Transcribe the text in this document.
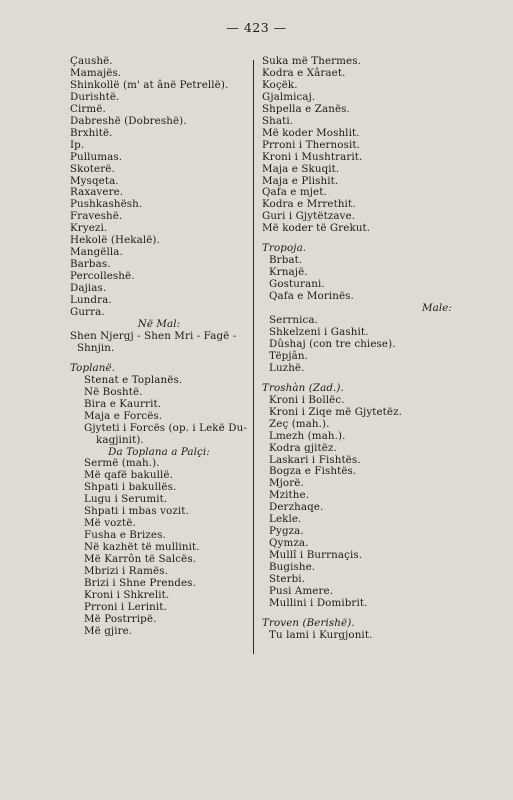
— 423 —
Çaushë.
Mamajës.
Shinkollë (m' at ânë Petrellë).
Durishtë.
Cirmë.
Dabreshë (Dobreshë).
Brxhitë.
Ip.
Pullumas.
Skoterë.
Mysqeta.
Raxavere.
Pushkashësh.
Fraveshë.
Kryezi.
Hekolë (Hekalë).
Mangëlla.
Barbas.
Percolleshë.
Dajias.
Lundra.
Gurra.
Në Mal:
Shen Njergj - Shen Mri - Fagë -
Shnjin.
Toplanë.
Stenat e Toplanës.
Në Boshtë.
Bira e Kaurrit.
Maja e Forcës.
Gjyteti i Forcës (op. i Lekë Du-
kagjinit).
Da Toplana a Palçi:
Sermë (mah.).
Më qafë bakullë.
Shpati i bakullës.
Lugu i Serumit.
Shpati i mbas vozit.
Më voztë.
Fusha e Brizes.
Në kazhët të mullinit.
Më Karrôn të Salcës.
Mbrizi i Ramës.
Brizi i Shne Prendes.
Kroni i Shkrelit.
Prroni i Lerinit.
Më Postrripë.
Më gjire.
Suka më Thermes.
Kodra e Xâraet.
Koçëk.
Gjalmicaj.
Shpella e Zanës.
Shati.
Më koder Moshlit.
Prroni i Thernosit.
Kroni i Mushtrarit.
Maja e Skuqit.
Maja e Plishit.
Qafa e mjet.
Kodra e Mrrethit.
Guri i Gjytëtzave.
Më koder të Grekut.
Tropoja.
Brbat.
Krnajë.
Gosturani.
Qafa e Morinës.
Male:
Serrnica.
Shkelzeni i Gashit.
Dûshaj (con tre chiese).
Tëpjân.
Luzhë.
Troshàn (Zad.).
Kroni i Bollëc.
Kroni i Ziqe më Gjytetëz.
Zeç (mah.).
Lmezh (mah.).
Kodra gjitëz.
Laskari i Fishtës.
Bogza e Fishtës.
Mjorë.
Mzithe.
Derzhaqe.
Lekle.
Pygza.
Qymza.
Mullî i Burrnaçis.
Bugishe.
Sterbi.
Pusi Amere.
Mullini i Domibrit.
Troven (Berishë).
Tu lami i Kurgjonit.
